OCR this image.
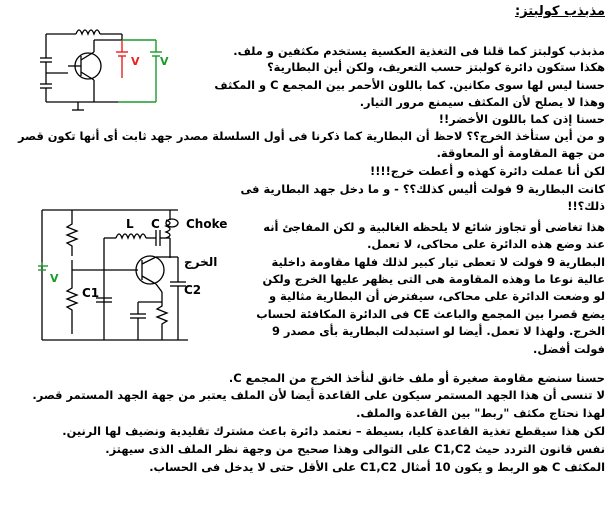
مذبذب كولبتز:
V V
V
L C Choke
الخرج
C1	C2
مذبذب كولبتز كما قلنا فى التغذية العكسية يستخدم مكثفين و ملف.
هكذا ستكون دائرة كولبتز حسب التعريف، ولكن أين البطارية؟
حسنا ليس لها سوى مكانين. كما باللون الأحمر بين المجمع C و المكثف
وهذا لا يصلح لأن المكثف سيمنع مرور التيار.
حسنا إذن كما باللون الأخضر!!
و من أين ستأخذ الخرج؟؟ لاحظ أن البطارية كما ذكرنا فى أول السلسلة مصدر جهد ثابت أى أنها تكون قصر
من جهة المقاومة أو المعاوقة.
لكن أنا عملت دائرة كهذه و أعطت خرج!!!!
كانت البطارية 9 فولت أليس كذلك؟؟ - و ما دخل جهد البطارية فى
ذلك؟!!
هذا تغاضى أو تجاوز شائع لا يلحظه الغالبية و لكن المفاجئ أنه
عند وضع هذه الدائرة على محاكى، لا تعمل.
البطارية 9 فولت لا تعطى تيار كبير لذلك فلها مقاومة داخلية
عالية نوعا ما وهذه المقاومة هى التى يظهر عليها الخرج ولكن
لو وضعت الدائرة على محاكى، سيفترض أن البطارية مثالية و
يضع قصرا بين المجمع والباعث CE فى الدائرة المكافئة لحساب
الخرج. ولهذا لا تعمل. أيضا لو استبدلت البطارية بأى مصدر 9
فولت أفضل.
حسنا سنضع مقاومة صغيرة أو ملف خانق لنأخذ الخرج من المجمع C.
لا تنسى أن هذا الجهد المستمر سيكون على القاعدة أيضا لأن الملف يعتبر من جهة الجهد المستمر قصر.
لهذا نحتاج مكثف "ربط" بين القاعدة والملف.
لكن هذا سيقطع تغذية القاعدة كليا، بسيطة – نعتمد دائرة باعث مشترك تقليدية ونضيف لها الرنين.
نفس قانون التردد حيث C1,C2 على التوالى وهذا صحيح من وجهة نظر الملف الذى سيهتز.
المكثف C هو الربط و يكون 10 أمثال C1,C2 على الأقل حتى لا يدخل فى الحساب.
